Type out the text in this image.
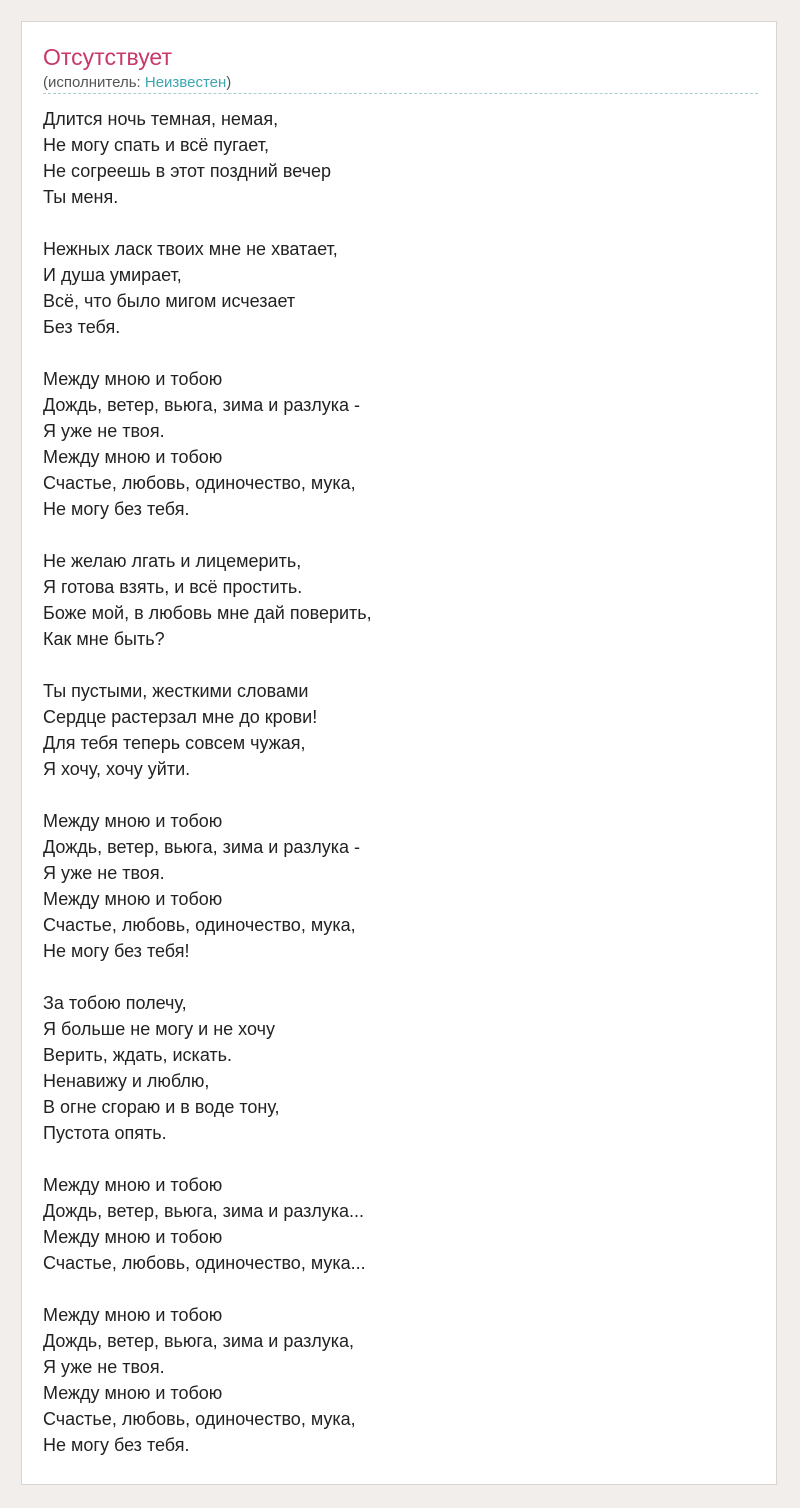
Отсутствует
(исполнитель: Неизвестен)
Длится ночь темная, немая,
Не могу спать и всё пугает,
Не согреешь в этот поздний вечер
Ты меня.
Нежных ласк твоих мне не хватает,
И душа умирает,
Всё, что было мигом исчезает
Без тебя.
Между мною и тобою
Дождь, ветер, вьюга, зима и разлука -
Я уже не твоя.
Между мною и тобою
Счастье, любовь, одиночество, мука,
Не могу без тебя.
Не желаю лгать и лицемерить,
Я готова взять, и всё простить.
Боже мой, в любовь мне дай поверить,
Как мне быть?
Ты пустыми, жесткими словами
Сердце растерзал мне до крови!
Для тебя теперь совсем чужая,
Я хочу, хочу уйти.
Между мною и тобою
Дождь, ветер, вьюга, зима и разлука -
Я уже не твоя.
Между мною и тобою
Счастье, любовь, одиночество, мука,
Не могу без тебя!
За тобою полечу,
Я больше не могу и не хочу
Верить, ждать, искать.
Ненавижу и люблю,
В огне сгораю и в воде тону,
Пустота опять.
Между мною и тобою
Дождь, ветер, вьюга, зима и разлука...
Между мною и тобою
Счастье, любовь, одиночество, мука...
Между мною и тобою
Дождь, ветер, вьюга, зима и разлука,
Я уже не твоя.
Между мною и тобою
Счастье, любовь, одиночество, мука,
Не могу без тебя.
